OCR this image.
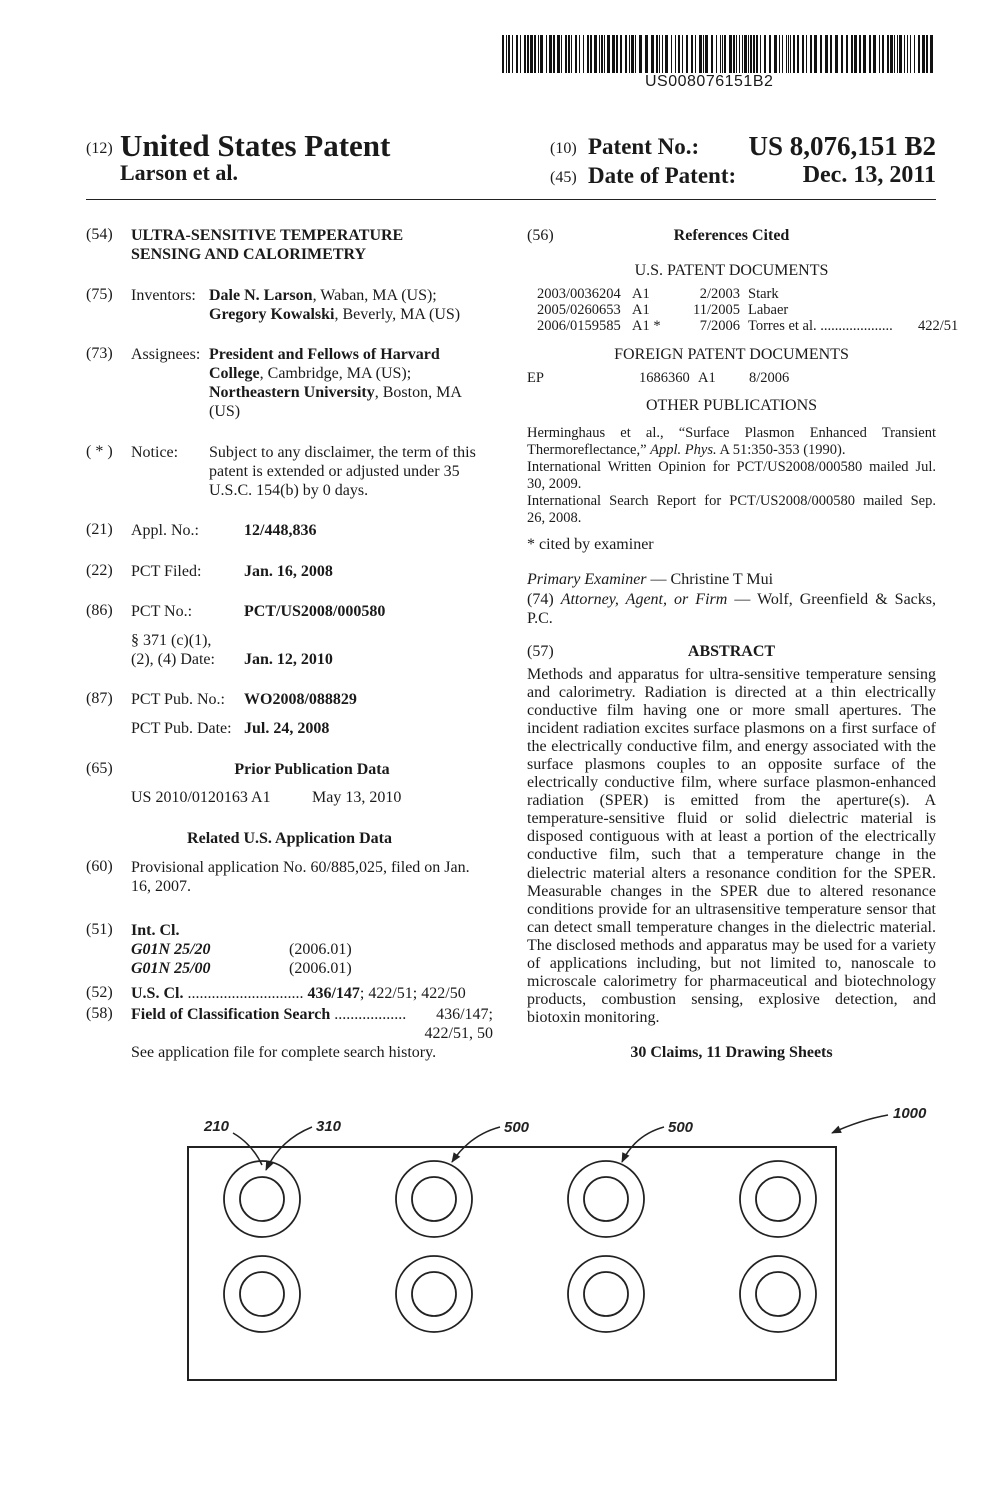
US008076151B2
(12) United States Patent
Larson et al.
(10) Patent No.:	US 8,076,151 B2
(45) Date of Patent:	Dec. 13, 2011
(54) ULTRA-SENSITIVE TEMPERATURE
SENSING AND CALORIMETRY
(75) Inventors: Dale N. Larson, Waban, MA (US);
Gregory Kowalski, Beverly, MA (US)
(73) Assignees: President and Fellows of Harvard
College, Cambridge, MA (US);
Northeastern University, Boston, MA
(US)
( * ) Notice: Subject to any disclaimer, the term of this
patent is extended or adjusted under 35
U.S.C. 154(b) by 0 days.
(21) Appl. No.:	12/448,836
(22) PCT Filed:	Jan. 16, 2008
(86) PCT No.:	PCT/US2008/000580
§ 371 (c)(1),
(2), (4) Date: Jan. 12, 2010
(87) PCT Pub. No.: WO2008/088829
PCT Pub. Date: Jul. 24, 2008
(65)	Prior Publication Data
US 2010/0120163 A1	May 13, 2010
Related U.S. Application Data
(60) Provisional application No. 60/885,025, filed on Jan.
16, 2007.
(51) Int. Cl.
G01N 25/20	(2006.01)
G01N 25/00	(2006.01)
(52) U.S. Cl. ............................. 436/147; 422/51; 422/50
(58) Field of Classification Search ..................	436/147;
422/51, 50
See application file for complete search history.
(56)	References Cited
U.S. PATENT DOCUMENTS
2003/0036204	A1	2/2003	Stark	
2005/0260653	A1	11/2005	Labaer	
2006/0159585	A1 *	7/2006	Torres et al. ....................	422/51
FOREIGN PATENT DOCUMENTS
EP	1686360 A1 8/2006
OTHER PUBLICATIONS
Herminghaus et al., “Surface Plasmon Enhanced Transient
Thermoreflectance,” Appl. Phys. A 51:350-353 (1990).
International Written Opinion for PCT/US2008/000580 mailed Jul.
30, 2009.
International Search Report for PCT/US2008/000580 mailed Sep.
26, 2008.
* cited by examiner
Primary Examiner — Christine T Mui
(74) Attorney, Agent, or Firm — Wolf, Greenfield & Sacks,
P.C.
(57)	ABSTRACT
Methods and apparatus for ultra-sensitive temperature sensing and calorimetry. Radiation is directed at a thin electrically conductive film having one or more small apertures. The incident radiation excites surface plasmons on a first surface of the electrically conductive film, and energy associated with the surface plasmons couples to an opposite surface of the electrically conductive film, where surface plasmon-enhanced radiation (SPER) is emitted from the aperture(s). A temperature-sensitive fluid or solid dielectric material is disposed contiguous with at least a portion of the electrically conductive film, such that a temperature change in the dielectric material alters a resonance condition for the SPER. Measurable changes in the SPER due to altered resonance conditions provide for an ultrasensitive temperature sensor that can detect small temperature changes in the dielectric material. The disclosed methods and apparatus may be used for a variety of applications including, but not limited to, nanoscale to microscale calorimetry for pharmaceutical and biotechnology products, combustion sensing, explosive detection, and biotoxin monitoring.
30 Claims, 11 Drawing Sheets
210	310	500	500
1000
